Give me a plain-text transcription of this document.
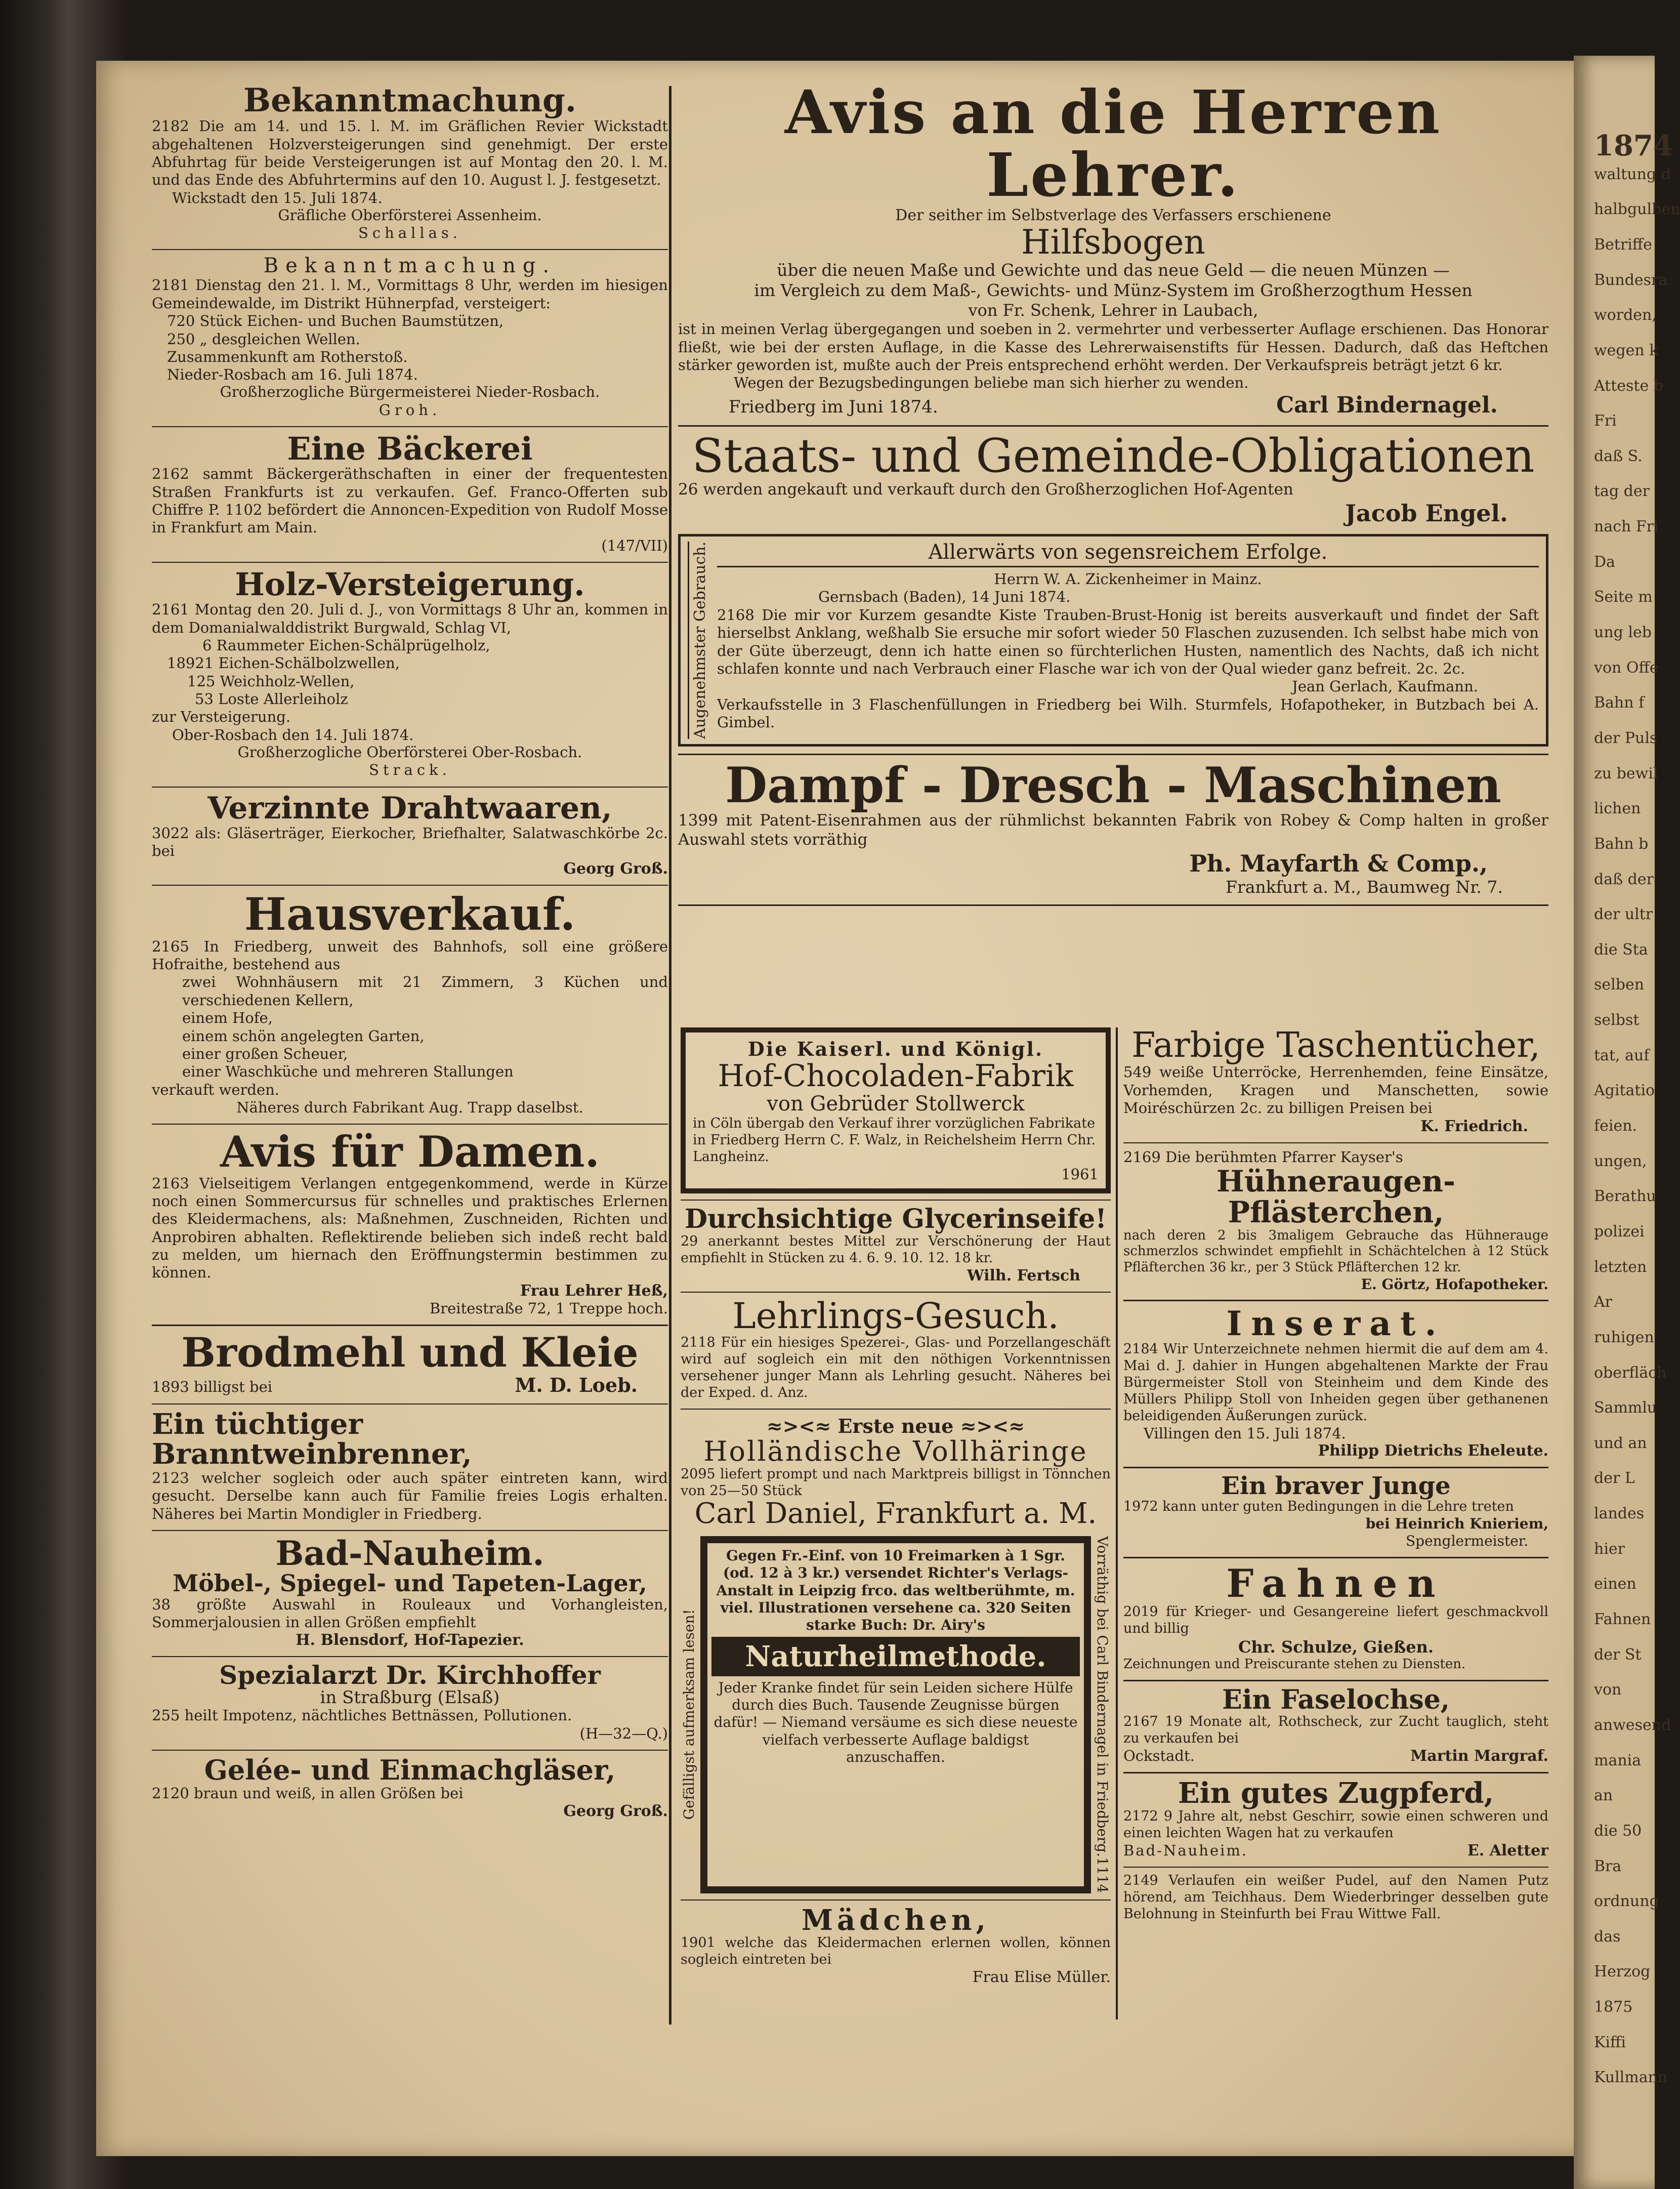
1874
waltung d
halbgulben
Betriffe
Bundesra
worden,
wegen k
Atteste b
Fri
daß S.
tag der
nach Fri
Da
Seite m
ung leb
von Offe
Bahn f
der Puls
zu bewil
lichen
Bahn b
daß der
der ultr
die Sta
selben
selbst
tat, auf
Agitatio
feien.
ungen,
Berathu
polizei
letzten
Ar
ruhigen
oberfläch
Sammlu
und an
der L
landes
hier
einen
Fahnen
der St
von
anwesend
mania
an
die 50
Bra
ordnung
das
Herzog
1875
Kiffi
Kullmann
Bekanntmachung.
2182 Die am 14. und 15. l. M. im Gräflichen Revier Wickstadt abgehaltenen Holzversteigerungen sind genehmigt. Der erste Abfuhrtag für beide Versteigerungen ist auf Montag den 20. l. M. und das Ende des Abfuhrtermins auf den 10. August l. J. festgesetzt.
Wickstadt den 15. Juli 1874.
Gräfliche Oberförsterei Assenheim.
Schallas.
Bekanntmachung.
2181 Dienstag den 21. l. M., Vormittags 8 Uhr, werden im hiesigen Gemeindewalde, im Distrikt Hühnerpfad, versteigert:
720 Stück Eichen- und Buchen Baumstützen,
250 „ desgleichen Wellen.
Zusammenkunft am Rotherstoß.
Nieder-Rosbach am 16. Juli 1874.
Großherzogliche Bürgermeisterei Nieder-Rosbach.
Groh.
Eine Bäckerei
2162 sammt Bäckergeräthschaften in einer der frequentesten Straßen Frankfurts ist zu verkaufen. Gef. Franco-Offerten sub Chiffre P. 1102 befördert die Annoncen-Expedition von Rudolf Mosse in Frankfurt am Main.
(147/VII)
Holz-Versteigerung.
2161 Montag den 20. Juli d. J., von Vormittags 8 Uhr an, kommen in dem Domanialwalddistrikt Burgwald, Schlag VI,
6 Raummeter Eichen-Schälprügelholz,
18921 Eichen-Schälbolzwellen,
125 Weichholz-Wellen,
53 Loste Allerleiholz
zur Versteigerung.
Ober-Rosbach den 14. Juli 1874.
Großherzogliche Oberförsterei Ober-Rosbach.
Strack.
Verzinnte Drahtwaaren,
3022 als: Gläserträger, Eierkocher, Briefhalter, Salatwaschkörbe 2c. bei
Georg Groß.
Hausverkauf.
2165 In Friedberg, unweit des Bahnhofs, soll eine größere Hofraithe, bestehend aus
zwei Wohnhäusern mit 21 Zimmern, 3 Küchen und verschiedenen Kellern,
einem Hofe,
einem schön angelegten Garten,
einer großen Scheuer,
einer Waschküche und mehreren Stallungen
verkauft werden.
Näheres durch Fabrikant Aug. Trapp daselbst.
Avis für Damen.
2163 Vielseitigem Verlangen entgegenkommend, werde in Kürze noch einen Sommercursus für schnelles und praktisches Erlernen des Kleidermachens, als: Maßnehmen, Zuschneiden, Richten und Anprobiren abhalten. Reflektirende belieben sich indeß recht bald zu melden, um hiernach den Eröffnungstermin bestimmen zu können.
Frau Lehrer Heß,
Breitestraße 72, 1 Treppe hoch.
Brodmehl und Kleie
1893 billigst bei	M. D. Loeb.
Ein tüchtiger Branntweinbrenner,
2123 welcher sogleich oder auch später eintreten kann, wird gesucht. Derselbe kann auch für Familie freies Logis erhalten. Näheres bei Martin Mondigler in Friedberg.
Bad-Nauheim.
Möbel-, Spiegel- und Tapeten-Lager,
38 größte Auswahl in Rouleaux und Vorhangleisten, Sommerjalousien in allen Größen empfiehlt
H. Blensdorf, Hof-Tapezier.
Spezialarzt Dr. Kirchhoffer
in Straßburg (Elsaß)
255 heilt Impotenz, nächtliches Bettnässen, Pollutionen.
(H—32—Q.)
Gelée- und Einmachgläser,
2120 braun und weiß, in allen Größen bei
Georg Groß.
Avis an die Herren Lehrer.
Der seither im Selbstverlage des Verfassers erschienene
Hilfsbogen
über die neuen Maße und Gewichte und das neue Geld — die neuen Münzen —
im Vergleich zu dem Maß-, Gewichts- und Münz-System im Großherzogthum Hessen
von Fr. Schenk, Lehrer in Laubach,
ist in meinen Verlag übergegangen und soeben in 2. vermehrter und verbesserter Auflage erschienen. Das Honorar fließt, wie bei der ersten Auflage, in die Kasse des Lehrerwaisenstifts für Hessen. Dadurch, daß das Heftchen stärker geworden ist, mußte auch der Preis entsprechend erhöht werden. Der Verkaufspreis beträgt jetzt 6 kr.
Wegen der Bezugsbedingungen beliebe man sich hierher zu wenden.
Friedberg im Juni 1874.	Carl Bindernagel.
Staats- und Gemeinde-Obligationen
26 werden angekauft und verkauft durch den Großherzoglichen Hof-Agenten
Jacob Engel.
Augenehmster Gebrauch.	Allerwärts von segensreichem Erfolge.
Herrn W. A. Zickenheimer in Mainz.
Gernsbach (Baden), 14 Juni 1874.
2168 Die mir vor Kurzem gesandte Kiste Trauben-Brust-Honig ist bereits ausverkauft und findet der Saft hierselbst Anklang, weßhalb Sie ersuche mir sofort wieder 50 Flaschen zuzusenden. Ich selbst habe mich von der Güte überzeugt, denn ich hatte einen so fürchterlichen Husten, namentlich des Nachts, daß ich nicht schlafen konnte und nach Verbrauch einer Flasche war ich von der Qual wieder ganz befreit. 2c. 2c.
Jean Gerlach, Kaufmann.
Verkaufsstelle in 3 Flaschenfüllungen in Friedberg bei Wilh. Sturmfels, Hofapotheker, in Butzbach bei A. Gimbel.
Dampf - Dresch - Maschinen
1399 mit Patent-Eisenrahmen aus der rühmlichst bekannten Fabrik von Robey & Comp halten in großer Auswahl stets vorräthig
Ph. Mayfarth & Comp.,
Frankfurt a. M., Baumweg Nr. 7.
Die Kaiserl. und Königl.
Hof-Chocoladen-Fabrik
von Gebrüder Stollwerck
in Cöln übergab den Verkauf ihrer vorzüglichen Fabrikate in Friedberg Herrn C. F. Walz, in Reichelsheim Herrn Chr. Langheinz.
1961
Durchsichtige Glycerinseife!
29 anerkannt bestes Mittel zur Verschönerung der Haut empfiehlt in Stücken zu 4. 6. 9. 10. 12. 18 kr.
Wilh. Fertsch
Lehrlings-Gesuch.
2118 Für ein hiesiges Spezerei-, Glas- und Porzellangeschäft wird auf sogleich ein mit den nöthigen Vorkenntnissen versehener junger Mann als Lehrling gesucht. Näheres bei der Exped. d. Anz.
≈><≈ Erste neue ≈><≈
Holländische Vollhäringe
2095 liefert prompt und nach Marktpreis billigst in Tönnchen von 25—50 Stück
Carl Daniel, Frankfurt a. M.
Gefälligst aufmerksam lesen!
Gegen Fr.-Einf. von 10 Freimarken à 1 Sgr. (od. 12 à 3 kr.) versendet Richter's Verlags-Anstalt in Leipzig frco. das weltberühmte, m. viel. Illustrationen versehene ca. 320 Seiten starke Buch: Dr. Airy's
Naturheilmethode.
Jeder Kranke findet für sein Leiden sichere Hülfe durch dies Buch. Tausende Zeugnisse bürgen dafür! — Niemand versäume es sich diese neueste vielfach verbesserte Auflage baldigst anzuschaffen.	Vorräthig bei Carl Bindernagel in Friedberg.
1114
Mädchen,
1901 welche das Kleidermachen erlernen wollen, können sogleich eintreten bei
Frau Elise Müller.
Farbige Taschentücher,
549 weiße Unterröcke, Herrenhemden, feine Einsätze, Vorhemden, Kragen und Manschetten, sowie Moiréschürzen 2c. zu billigen Preisen bei
K. Friedrich.
2169 Die berühmten Pfarrer Kayser's
Hühneraugen-Pflästerchen,
nach deren 2 bis 3maligem Gebrauche das Hühnerauge schmerzlos schwindet empfiehlt in Schächtelchen à 12 Stück Pfläfterchen 36 kr., per 3 Stück Pfläfterchen 12 kr.
E. Görtz, Hofapotheker.
Inserat.
2184 Wir Unterzeichnete nehmen hiermit die auf dem am 4. Mai d. J. dahier in Hungen abgehaltenen Markte der Frau Bürgermeister Stoll von Steinheim und dem Kinde des Müllers Philipp Stoll von Inheiden gegen über gethanenen beleidigenden Äußerungen zurück.
Villingen den 15. Juli 1874.
Philipp Dietrichs Eheleute.
Ein braver Junge
1972 kann unter guten Bedingungen in die Lehre treten
bei Heinrich Knieriem,
Spenglermeister.
Fahnen
2019 für Krieger- und Gesangereine liefert geschmackvoll und billig
Chr. Schulze, Gießen.
Zeichnungen und Preiscurante stehen zu Diensten.
Ein Faselochse,
2167 19 Monate alt, Rothscheck, zur Zucht tauglich, steht zu verkaufen bei
Ockstadt.	Martin Margraf.
Ein gutes Zugpferd,
2172 9 Jahre alt, nebst Geschirr, sowie einen schweren und einen leichten Wagen hat zu verkaufen
Bad-Nauheim.	E. Aletter
2149 Verlaufen ein weißer Pudel, auf den Namen Putz hörend, am Teichhaus. Dem Wiederbringer desselben gute Belohnung in Steinfurth bei Frau Wittwe Fall.
